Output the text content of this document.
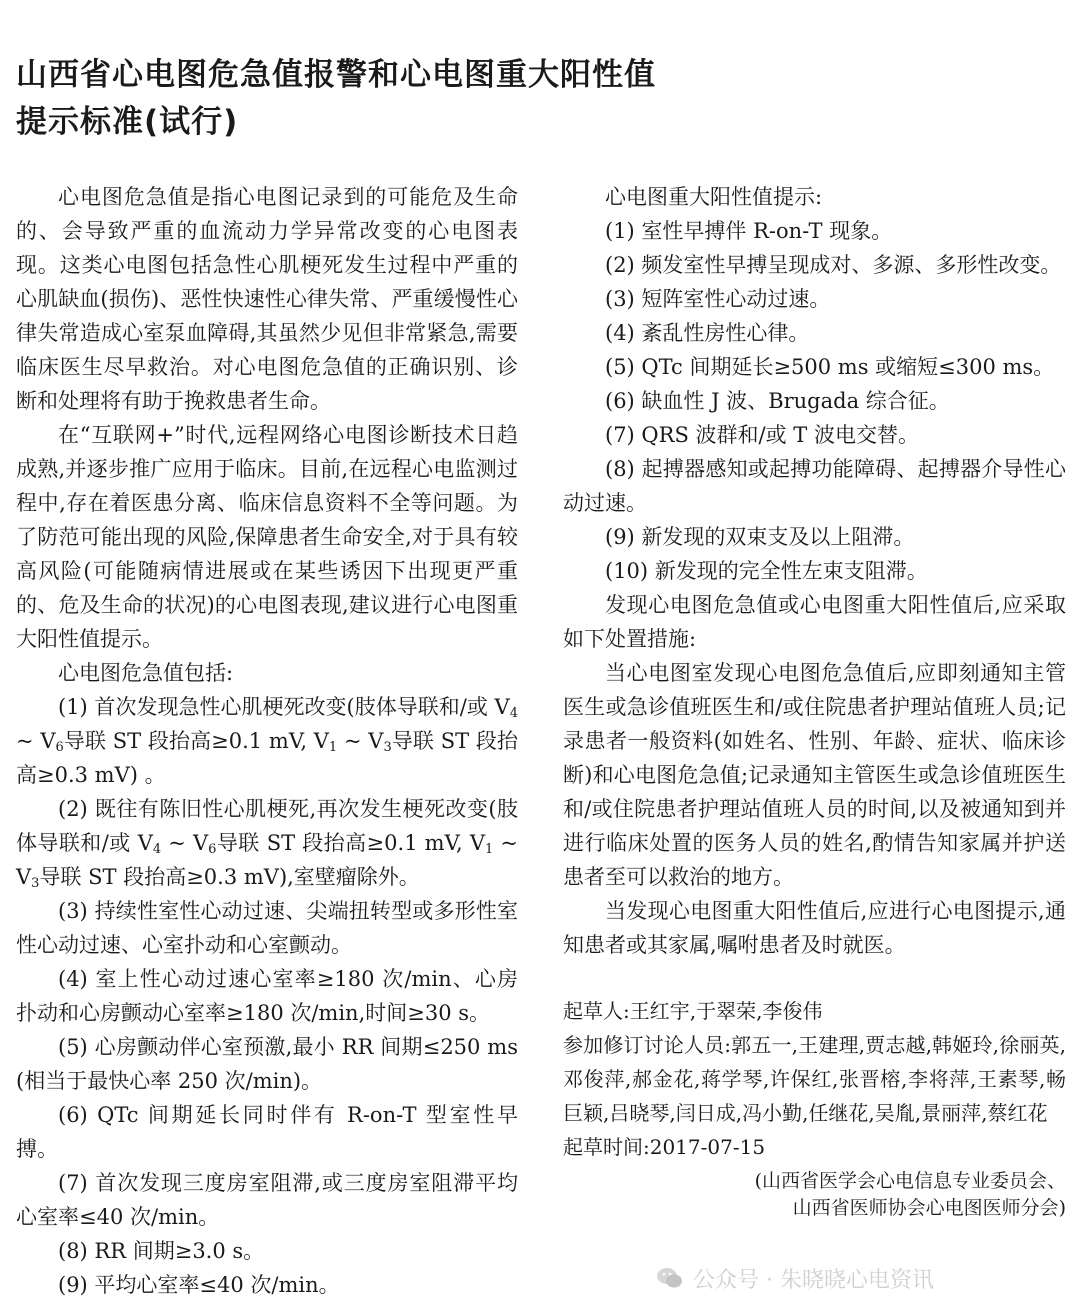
山西省心电图危急值报警和心电图重大阳性值
提示标准(试行)

心电图危急值是指心电图记录到的可能危及生命的、会导致严重的血流动力学异常改变的心电图表现。这类心电图包括急性心肌梗死发生过程中严重的心肌缺血(损伤)、恶性快速性心律失常、严重缓慢性心律失常造成心室泵血障碍,其虽然少见但非常紧急,需要临床医生尽早救治。对心电图危急值的正确识别、诊断和处理将有助于挽救患者生命。

在“互联网+”时代,远程网络心电图诊断技术日趋成熟,并逐步推广应用于临床。目前,在远程心电监测过程中,存在着医患分离、临床信息资料不全等问题。为了防范可能出现的风险,保障患者生命安全,对于具有较高风险(可能随病情进展或在某些诱因下出现更严重的、危及生命的状况)的心电图表现,建议进行心电图重大阳性值提示。

心电图危急值包括:

(1) 首次发现急性心肌梗死改变(肢体导联和/或 $V_4$ ~ $V_6$导联 ST 段抬高≥0.1 mV, $V_1$ ~ $V_3$导联 ST 段抬高≥0.3 mV) 。

(2) 既往有陈旧性心肌梗死,再次发生梗死改变(肢体导联和/或 $V_4$ ~ $V_6$导联 ST 段抬高≥0.1 mV, $V_1$ ~ $V_3$导联 ST 段抬高≥0.3 mV),室壁瘤除外。

(3) 持续性室性心动过速、尖端扭转型或多形性室性心动过速、心室扑动和心室颤动。

(4) 室上性心动过速心室率≥180 次/min、心房扑动和心房颤动心室率≥180 次/min,时间≥30 s。

(5) 心房颤动伴心室预激,最小 RR 间期≤250 ms (相当于最快心率 250 次/min)。

(6) QTc 间期延长同时伴有 R-on-T 型室性早搏。

(7) 首次发现三度房室阻滞,或三度房室阻滞平均心室率≤40 次/min。

(8) RR 间期≥3.0 s。

(9) 平均心室率≤40 次/min。

心电图重大阳性值提示:

(1) 室性早搏伴 R-on-T 现象。

(2) 频发室性早搏呈现成对、多源、多形性改变。

(3) 短阵室性心动过速。

(4) 紊乱性房性心律。

(5) QTc 间期延长≥500 ms 或缩短≤300 ms。

(6) 缺血性 J 波、Brugada 综合征。

(7) QRS 波群和/或 T 波电交替。

(8) 起搏器感知或起搏功能障碍、起搏器介导性心动过速。

(9) 新发现的双束支及以上阻滞。

(10) 新发现的完全性左束支阻滞。

发现心电图危急值或心电图重大阳性值后,应采取如下处置措施:

当心电图室发现心电图危急值后,应即刻通知主管医生或急诊值班医生和/或住院患者护理站值班人员;记录患者一般资料(如姓名、性别、年龄、症状、临床诊断)和心电图危急值;记录通知主管医生或急诊值班医生和/或住院患者护理站值班人员的时间,以及被通知到并进行临床处置的医务人员的姓名,酌情告知家属并护送患者至可以救治的地方。

当发现心电图重大阳性值后,应进行心电图提示,通知患者或其家属,嘱咐患者及时就医。

起草人:王红宇,于翠荣,李俊伟

参加修订讨论人员:郭五一,王建理,贾志越,韩姬玲,徐丽英,邓俊萍,郝金花,蒋学琴,许保红,张晋榕,李将萍,王素琴,畅巨颖,吕晓琴,闫日成,冯小勤,任继花,吴胤,景丽萍,蔡红花

起草时间:2017-07-15

(山西省医学会心电信息专业委员会、
山西省医师协会心电图医师分会)
公众号 · 朱晓晓心电资讯
